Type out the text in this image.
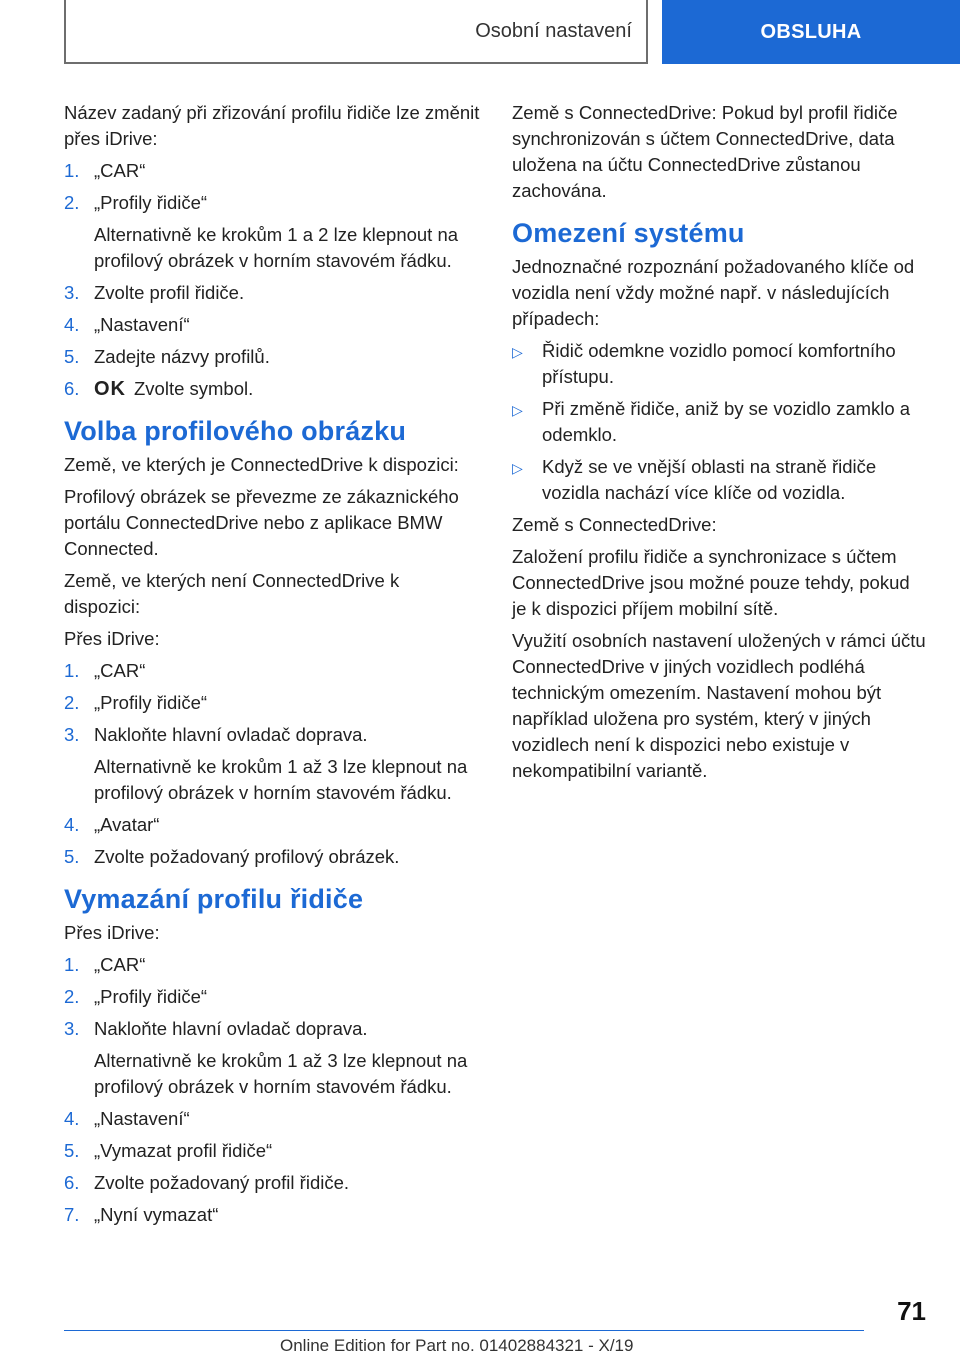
Osobní nastavení	OBSLUHA

Název zadaný při zřizování profilu řidiče lze změnit přes iDrive:

1. „CAR“
2. „Profily řidiče“
Alternativně ke krokům 1 a 2 lze klepnout na profilový obrázek v horním stavovém řádku.
3. Zvolte profil řidiče.
4. „Nastavení“
5. Zadejte názvy profilů.
6. OK Zvolte symbol.
Volba profilového obrázku

Země, ve kterých je ConnectedDrive k dispozici:

Profilový obrázek se převezme ze zákaznického portálu ConnectedDrive nebo z aplikace BMW Connected.

Země, ve kterých není ConnectedDrive k dispozici:

Přes iDrive:

1. „CAR“
2. „Profily řidiče“
3. Nakloňte hlavní ovladač doprava.
Alternativně ke krokům 1 až 3 lze klepnout na profilový obrázek v horním stavovém řádku.
4. „Avatar“
5. Zvolte požadovaný profilový obrázek.
Vymazání profilu řidiče

Přes iDrive:

1. „CAR“
2. „Profily řidiče“
3. Nakloňte hlavní ovladač doprava.
Alternativně ke krokům 1 až 3 lze klepnout na profilový obrázek v horním stavovém řádku.
4. „Nastavení“
5. „Vymazat profil řidiče“
6. Zvolte požadovaný profil řidiče.
7. „Nyní vymazat“

Země s ConnectedDrive: Pokud byl profil řidiče synchronizován s účtem ConnectedDrive, data uložena na účtu ConnectedDrive zůstanou zachována.

Omezení systému

Jednoznačné rozpoznání požadovaného klíče od vozidla není vždy možné např. v následujících případech:

▷ Řidič odemkne vozidlo pomocí komfortního přístupu.
▷ Při změně řidiče, aniž by se vozidlo zamklo a odemklo.
▷ Když se ve vnější oblasti na straně řidiče vozidla nachází více klíče od vozidla.

Země s ConnectedDrive:

Založení profilu řidiče a synchronizace s účtem ConnectedDrive jsou možné pouze tehdy, pokud je k dispozici příjem mobilní sítě.

Využití osobních nastavení uložených v rámci účtu ConnectedDrive v jiných vozidlech podléhá technickým omezením. Nastavení mohou být například uložena pro systém, který v jiných vozidlech není k dispozici nebo existuje v nekompatibilní variantě.

71
Online Edition for Part no. 01402884321 - X/19
